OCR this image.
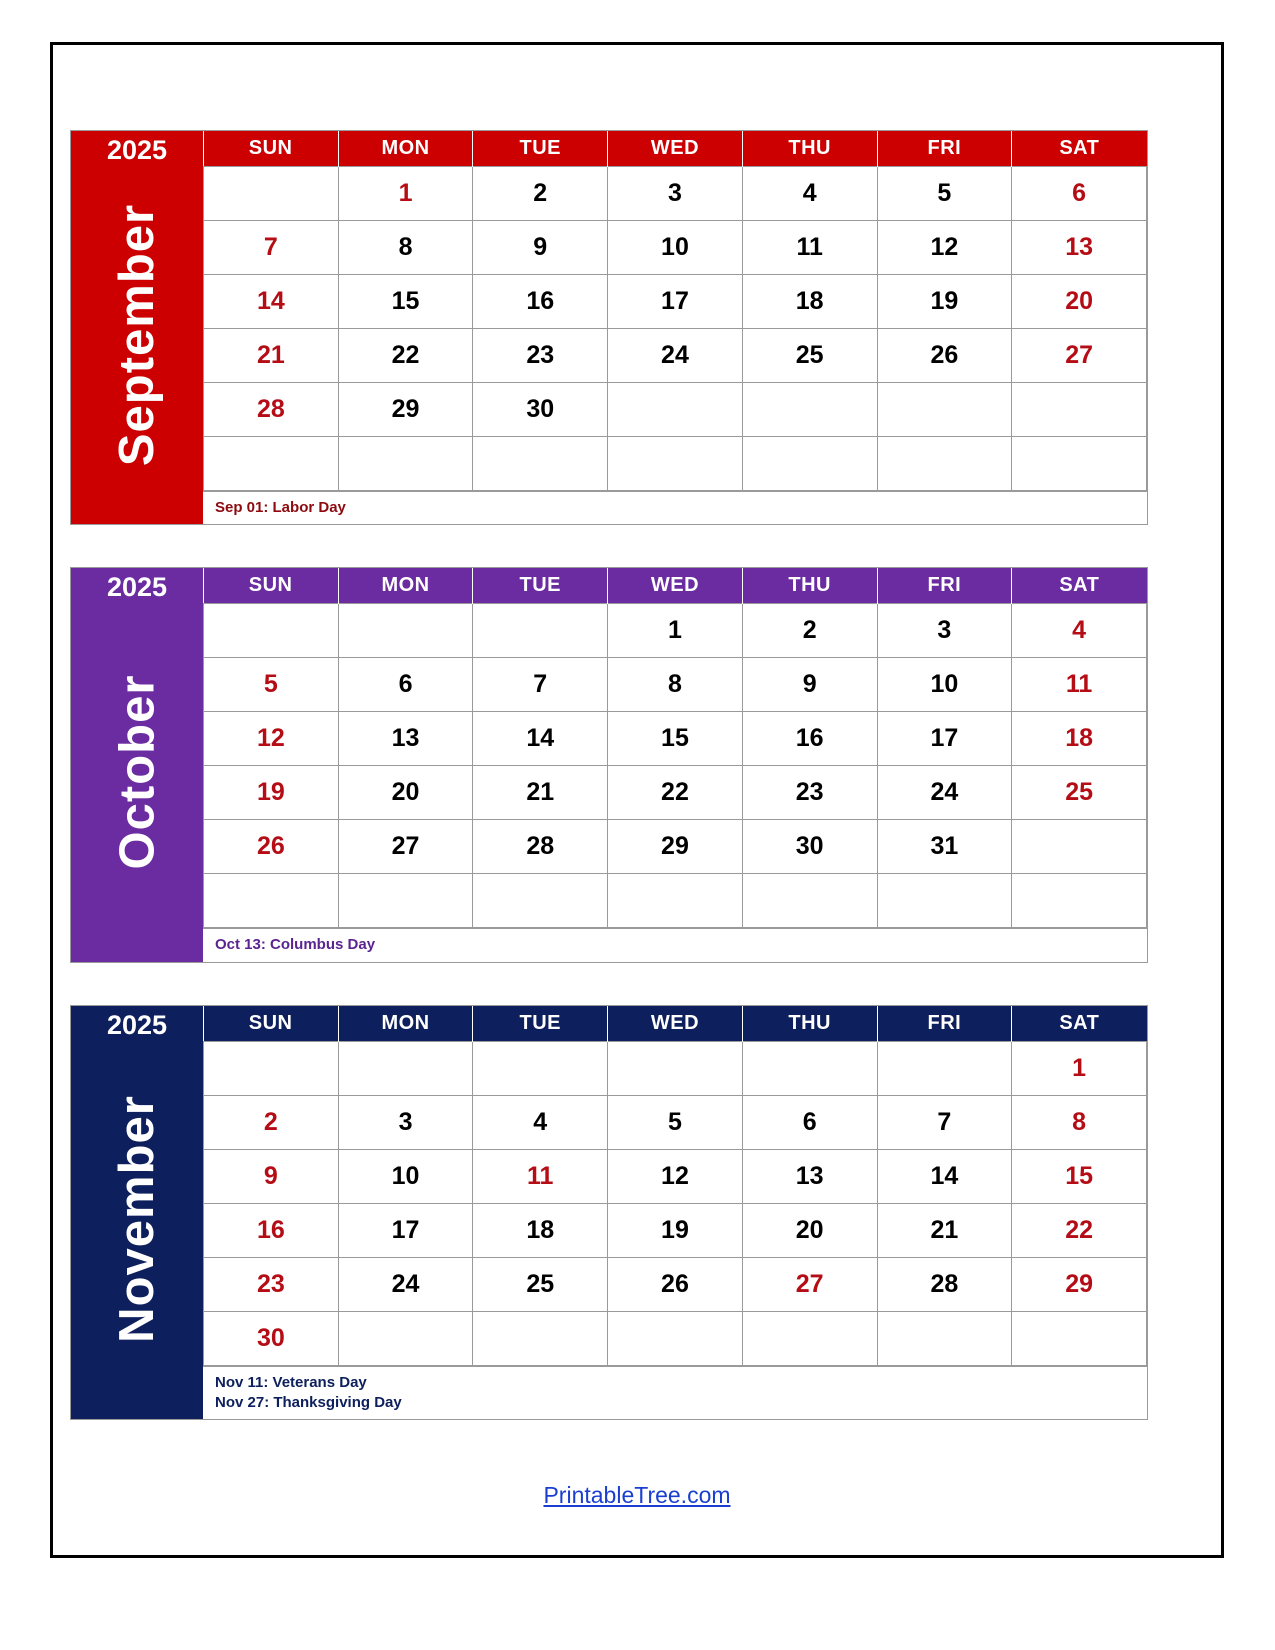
2025
September
SUN	MON	TUE	WED	THU	FRI	SAT
	1	2	3	4	5	6
7	8	9	10	11	12	13
14	15	16	17	18	19	20
21	22	23	24	25	26	27
28	29	30				

Sep 01: Labor Day
2025
October
SUN	MON	TUE	WED	THU	FRI	SAT
			1	2	3	4
5	6	7	8	9	10	11
12	13	14	15	16	17	18
19	20	21	22	23	24	25
26	27	28	29	30	31	

Oct 13: Columbus Day
2025
November
SUN	MON	TUE	WED	THU	FRI	SAT
						1
2	3	4	5	6	7	8
9	10	11	12	13	14	15
16	17	18	19	20	21	22
23	24	25	26	27	28	29
30						
Nov 11: Veterans Day
Nov 27: Thanksgiving Day
PrintableTree.com
